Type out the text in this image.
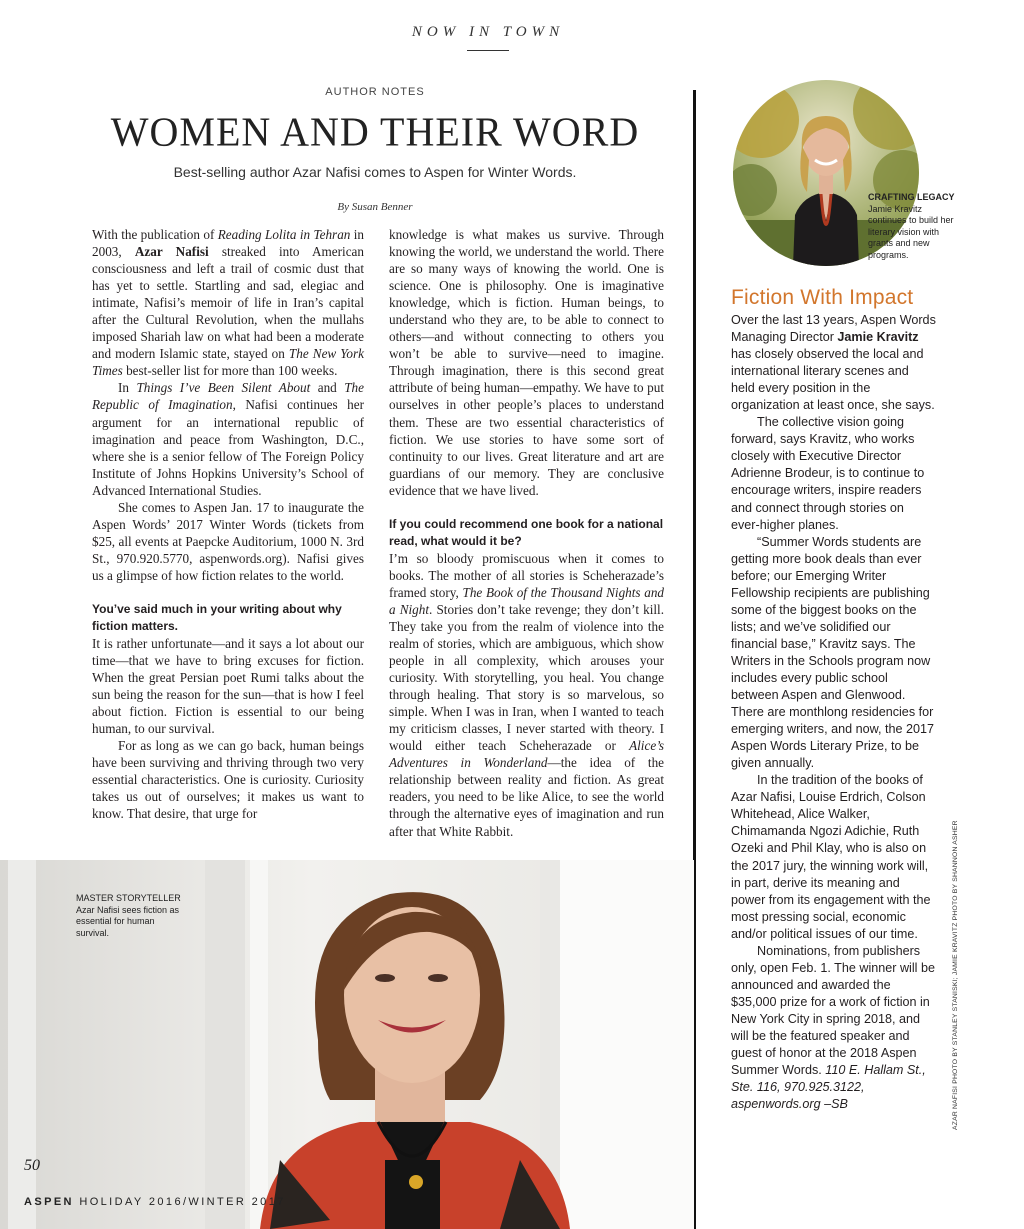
NOW IN TOWN
AUTHOR NOTES
WOMEN AND THEIR WORD
Best-selling author Azar Nafisi comes to Aspen for Winter Words.
By Susan Benner

With the publication of Reading Lolita in Tehran in 2003, Azar Nafisi streaked into American consciousness and left a trail of cosmic dust that has yet to settle. Startling and sad, elegiac and intimate, Nafisi’s memoir of life in Iran’s capital after the Cultural Revolution, when the mullahs imposed Shariah law on what had been a moderate and modern Islamic state, stayed on The New York Times best-seller list for more than 100 weeks.

In Things I’ve Been Silent About and The Republic of Imagination, Nafisi continues her argument for an international republic of imagination and peace from Washington, D.C., where she is a senior fellow of The Foreign Policy Institute of Johns Hopkins University’s School of Advanced International Studies.

She comes to Aspen Jan. 17 to inaugurate the Aspen Words’ 2017 Winter Words (tickets from $25, all events at Paepcke Auditorium, 1000 N. 3rd St., 970.920.5770, aspenwords.org). Nafisi gives us a glimpse of how fiction relates to the world.

You’ve said much in your writing about why fiction matters.

It is rather unfortunate—and it says a lot about our time—that we have to bring excuses for fiction. When the great Persian poet Rumi talks about the sun being the reason for the sun—that is how I feel about fiction. Fiction is essential to our being human, to our survival.

For as long as we can go back, human beings have been surviving and thriving through two very essential characteristics. One is curiosity. Curiosity takes us out of ourselves; it makes us want to know. That desire, that urge for

knowledge is what makes us survive. Through knowing the world, we understand the world. There are so many ways of knowing the world. One is science. One is philosophy. One is imaginative knowledge, which is fiction. Human beings, to understand who they are, to be able to connect to others—and without connecting to others you won’t be able to survive—need to imagine. Through imagination, there is this second great attribute of being human—empathy. We have to put ourselves in other people’s places to understand them. These are two essential characteristics of fiction. We use stories to have some sort of continuity to our lives. Great literature and art are guardians of our memory. They are conclusive evidence that we have lived.

If you could recommend one book for a national read, what would it be?

I’m so bloody promiscuous when it comes to books. The mother of all stories is Scheherazade’s framed story, The Book of the Thousand Nights and a Night. Stories don’t take revenge; they don’t kill. They take you from the realm of violence into the realm of stories, which are ambiguous, which show people in all complexity, which arouses your curiosity. With storytelling, you heal. You change through healing. That story is so marvelous, so simple. When I was in Iran, when I wanted to teach my criticism classes, I never started with theory. I would either teach Scheherazade or Alice’s Adventures in Wonderland—the idea of the relationship between reality and fiction. As great readers, you need to be like Alice, to see the world through the alternative eyes of imagination and run after that White Rabbit.

CRAFTING LEGACY Jamie Kravitz continues to build her literary vision with grants and new programs.
Fiction With Impact

Over the last 13 years, Aspen Words Managing Director Jamie Kravitz has closely observed the local and international literary scenes and held every position in the organization at least once, she says.

The collective vision going forward, says Kravitz, who works closely with Executive Director Adrienne Brodeur, is to continue to encourage writers, inspire readers and connect through stories on ever-higher planes.

“Summer Words students are getting more book deals than ever before; our Emerging Writer Fellowship recipients are publishing some of the biggest books on the lists; and we’ve solidified our financial base,” Kravitz says. The Writers in the Schools program now includes every public school between Aspen and Glenwood. There are monthlong residencies for emerging writers, and now, the 2017 Aspen Words Literary Prize, to be given annually.

In the tradition of the books of Azar Nafisi, Louise Erdrich, Colson Whitehead, Alice Walker, Chimamanda Ngozi Adichie, Ruth Ozeki and Phil Klay, who is also on the 2017 jury, the winning work will, in part, derive its meaning and power from its engagement with the most pressing social, economic and/or political issues of our time.

Nominations, from publishers only, open Feb. 1. The winner will be announced and awarded the $35,000 prize for a work of fiction in New York City in spring 2018, and will be the featured speaker and guest of honor at the 2018 Aspen Summer Words. 110 E. Hallam St., Ste. 116, 970.925.3122, aspenwords.org –SB	AZAR NAFISI PHOTO BY STANLEY STANISKI; JAMIE KRAVITZ PHOTO BY SHANNON ASHER
MASTER STORYTELLER
Azar Nafisi sees fiction as essential for human survival.
50
ASPEN HOLIDAY 2016/WINTER 2017
